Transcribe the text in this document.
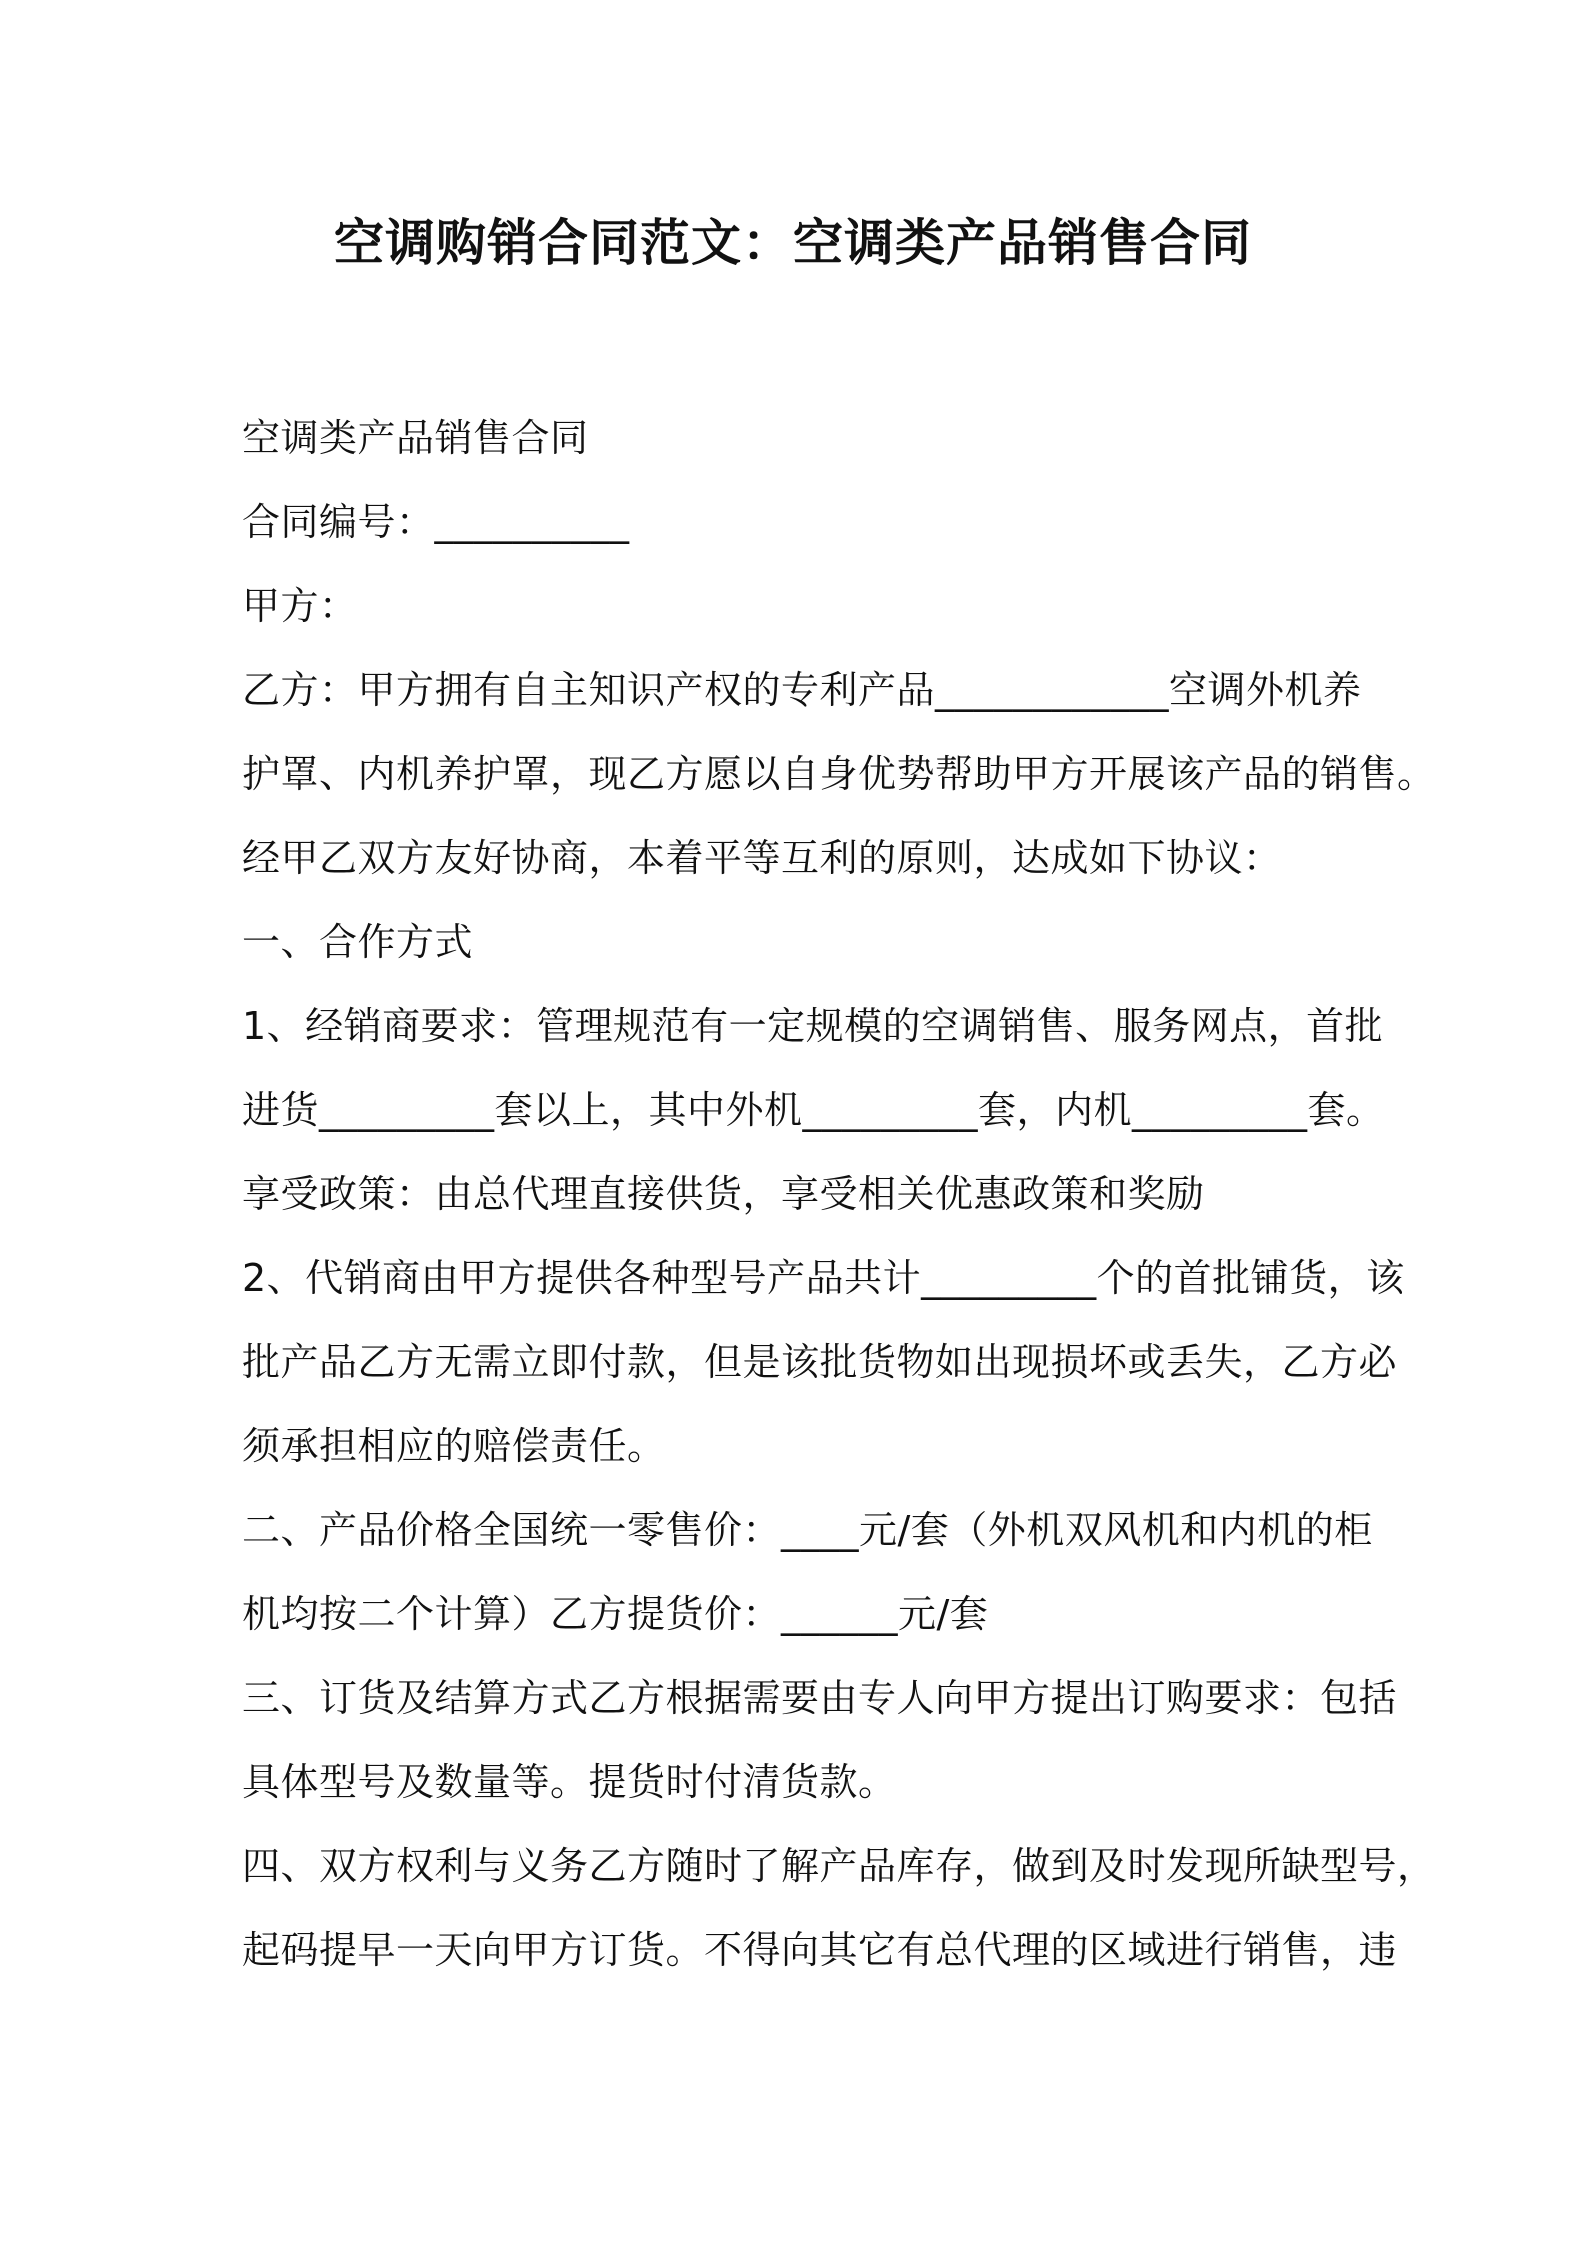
空调购销合同范文：空调类产品销售合同
空调类产品销售合同
合同编号：__________
甲方：
乙方：甲方拥有自主知识产权的专利产品____________空调外机养
护罩、内机养护罩，现乙方愿以自身优势帮助甲方开展该产品的销售。
经甲乙双方友好协商，本着平等互利的原则，达成如下协议：
一、合作方式
1、经销商要求：管理规范有一定规模的空调销售、服务网点，首批
进货_________套以上，其中外机_________套，内机_________套。
享受政策：由总代理直接供货，享受相关优惠政策和奖励
2、代销商由甲方提供各种型号产品共计_________个的首批铺货，该
批产品乙方无需立即付款，但是该批货物如出现损坏或丢失，乙方必
须承担相应的赔偿责任。
二、产品价格全国统一零售价：____元/套（外机双风机和内机的柜
机均按二个计算）乙方提货价：______元/套
三、订货及结算方式乙方根据需要由专人向甲方提出订购要求：包括
具体型号及数量等。提货时付清货款。
四、双方权利与义务乙方随时了解产品库存，做到及时发现所缺型号，
起码提早一天向甲方订货。不得向其它有总代理的区域进行销售，违
